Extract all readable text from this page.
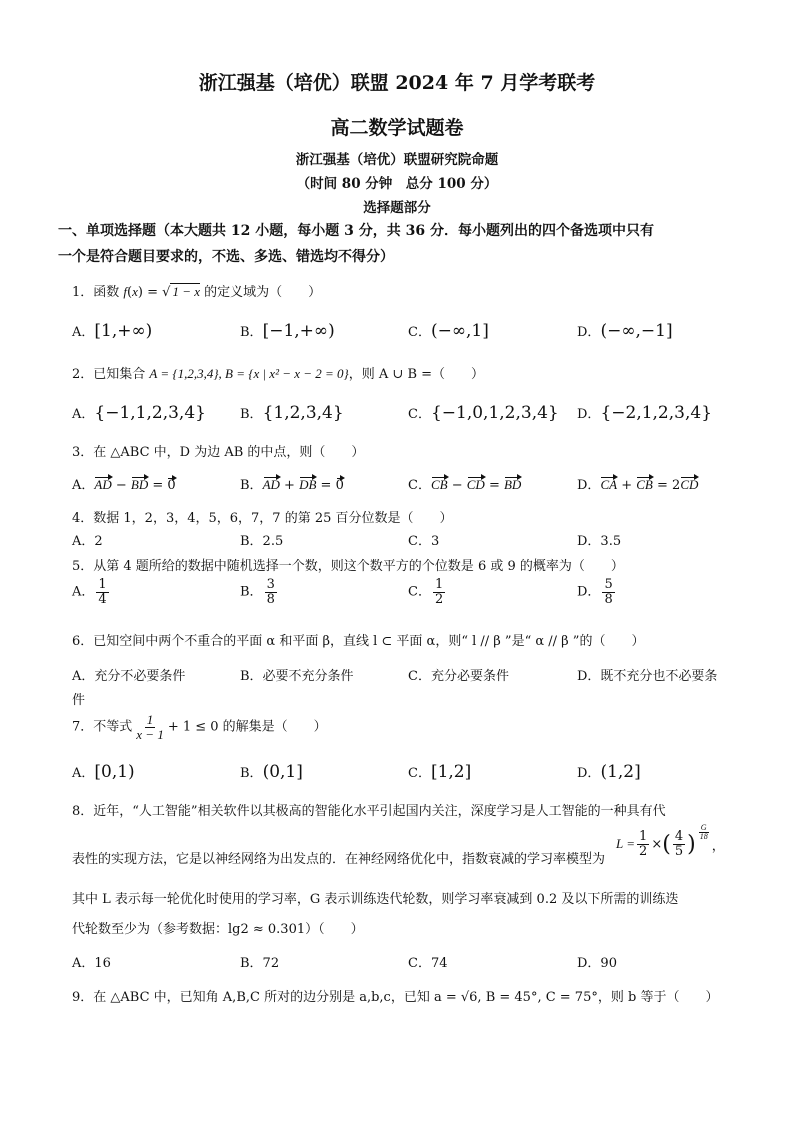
浙江强基（培优）联盟 2024 年 7 月学考联考
高二数学试题卷
浙江强基（培优）联盟研究院命题
（时间 80 分钟　总分 100 分）
选择题部分
一、单项选择题（本大题共 12 小题，每小题 3 分，共 36 分．每小题列出的四个备选项中只有
一个是符合题目要求的，不选、多选、错选均不得分）
1．函数 f(x) = √ 1 − x 的定义域为（　　）
A．[1,+∞)	B．[−1,+∞)	C．(−∞,1]	D．(−∞,−1]
2．已知集合 A = {1,2,3,4}, B = {x | x² − x − 2 = 0}，则 A ∪ B =（　　）
A．{−1,1,2,3,4}	B．{1,2,3,4}	C．{−1,0,1,2,3,4} D．{−2,1,2,3,4}
3．在 △ABC 中，D 为边 AB 的中点，则（　　）
A．AD − BD = 0	B．AD + DB = 0	C．CB − CD = BD	D．CA + CB = 2CD
4．数据 1，2，3，4，5，6，7，7 的第 25 百分位数是（　　）
A．2	B．2.5	C．3	D．3.5
5．从第 4 题所给的数据中随机选择一个数，则这个数平方的个位数是 6 或 9 的概率为（　　）
A． $\frac{1}{4}$	B． $\frac{3}{8}$	C． $\frac{1}{2}$	D． $\frac{5}{8}$
6．已知空间中两个不重合的平面 α 和平面 β，直线 l ⊂ 平面 α，则“ l // β ”是“ α // β ”的（　　）
A．充分不必要条件	B．必要不充分条件	C．充分必要条件	D．既不充分也不必要条
件
7．不等式 $\frac{1}{x - 1} + 1 \le 0$ 的解集是（　　）
A．[0,1)	B．(0,1]	C．[1,2]	D．(1,2]
8．近年，“人工智能”相关软件以其极高的智能化水平引起国内关注，深度学习是人工智能的一种具有代
表性的实现方法，它是以神经网络为出发点的．在神经网络优化中，指数衰减的学习率模型为
$L = \frac{1}{2}$ × ( $\frac{4}{5}$ ) $\frac{G}{18}$
，
其中 L 表示每一轮优化时使用的学习率，G 表示训练迭代轮数，则学习率衰减到 0.2 及以下所需的训练迭
代轮数至少为（参考数据：lg2 ≈ 0.301）（　　）
A．16	B．72	C．74	D．90
9．在 △ABC 中，已知角 A,B,C 所对的边分别是 a,b,c，已知 a = √6, B = 45°, C = 75°，则 b 等于（　　）
